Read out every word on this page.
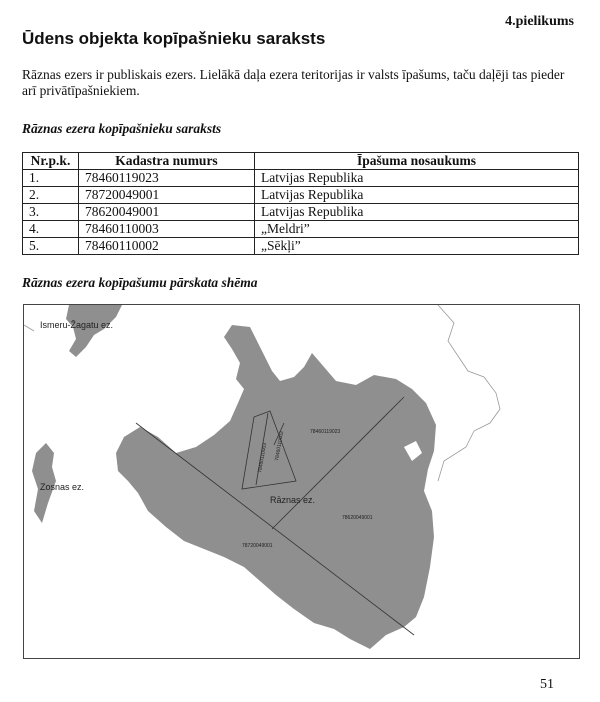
4.pielikums
Ūdens objekta kopīpašnieku saraksts
Rāznas ezers ir publiskais ezers. Lielākā daļa ezera teritorijas ir valsts īpašums, taču daļēji tas pieder arī privātīpašniekiem.
Rāznas ezera kopīpašnieku saraksts
Nr.p.k.	Kadastra numurs	Īpašuma nosaukums
1.	78460119023	Latvijas Republika
2.	78720049001	Latvijas Republika
3.	78620049001	Latvijas Republika
4.	78460110003	„Meldri”
5.	78460110002	„Sēkļi”
Rāznas ezera kopīpašumu pārskata shēma
Ismeru-Žagatu ez.
Zosnas ez.
Rāznas ez.
78460119023
78720049001
78620049001
78460110003 78460110002
51
